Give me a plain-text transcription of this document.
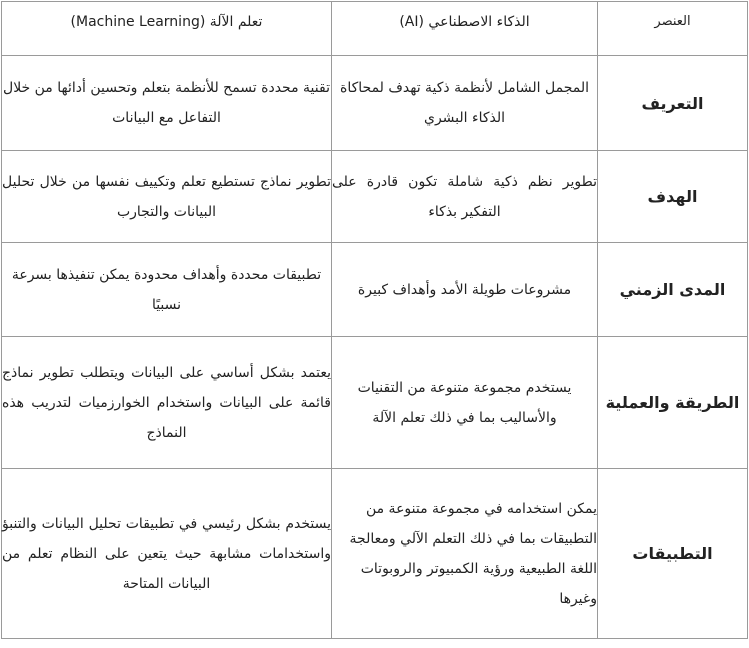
العنصر	الذكاء الاصطناعي (AI)	تعلم الآلة (Machine Learning)
التعريف	المجمل الشامل لأنظمة ذكية تهدف لمحاكاة الذكاء البشري	تقنية محددة تسمح للأنظمة بتعلم وتحسين أدائها من خلال التفاعل مع البيانات
الهدف	تطوير نظم ذكية شاملة تكون قادرة على التفكير بذكاء	تطوير نماذج تستطيع تعلم وتكييف نفسها من خلال تحليل البيانات والتجارب
المدى الزمني	مشروعات طويلة الأمد وأهداف كبيرة	تطبيقات محددة وأهداف محدودة يمكن تنفيذها بسرعة نسبيًا
الطريقة والعملية	يستخدم مجموعة متنوعة من التقنيات والأساليب بما في ذلك تعلم الآلة	يعتمد بشكل أساسي على البيانات ويتطلب تطوير نماذج قائمة على البيانات واستخدام الخوارزميات لتدريب هذه النماذج
التطبيقات	يمكن استخدامه في مجموعة متنوعة من التطبيقات بما في ذلك التعلم الآلي ومعالجة اللغة الطبيعية ورؤية الكمبيوتر والروبوتات وغيرها	يستخدم بشكل رئيسي في تطبيقات تحليل البيانات والتنبؤ واستخدامات مشابهة حيث يتعين على النظام تعلم من البيانات المتاحة
